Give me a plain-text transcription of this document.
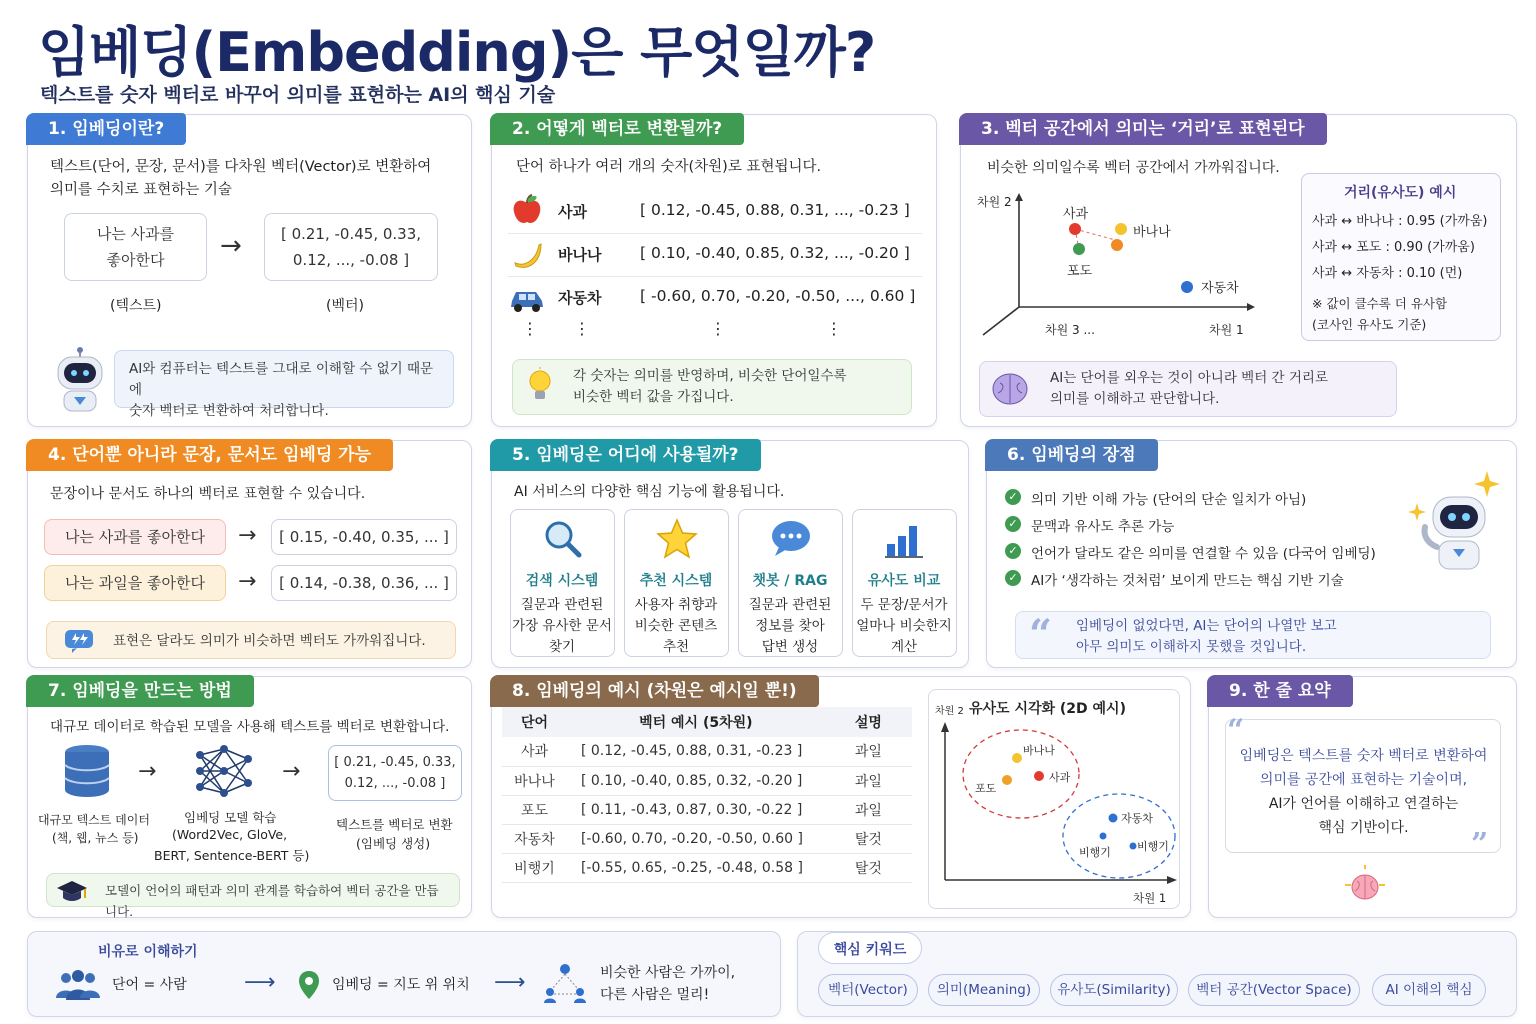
임베딩(Embedding)은 무엇일까?
텍스트를 숫자 벡터로 바꾸어 의미를 표현하는 AI의 핵심 기술
1. 임베딩이란?
텍스트(단어, 문장, 문서)를 다차원 벡터(Vector)로 변환하여
의미를 수치로 표현하는 기술
나는 사과를
좋아한다 →	[ 0.21, -0.45, 0.33,
0.12, ..., -0.08 ]
(텍스트)	(벡터)
AI와 컴퓨터는 텍스트를 그대로 이해할 수 없기 때문에
숫자 벡터로 변환하여 처리합니다.
2. 어떻게 벡터로 변환될까?
단어 하나가 여러 개의 숫자(차원)로 표현됩니다.
사과	[ 0.12, -0.45, 0.88, 0.31, ..., -0.23 ]
바나나 [ 0.10, -0.40, 0.85, 0.32, ..., -0.20 ]
자동차 [ -0.60, 0.70, -0.20, -0.50, ..., 0.60 ]
⋮ ⋮	⋮	⋮
각 숫자는 의미를 반영하며, 비슷한 단어일수록
비슷한 벡터 값을 가집니다.
3. 벡터 공간에서 의미는 ‘거리’로 표현된다
비슷한 의미일수록 벡터 공간에서 가까워집니다.
차원 2
차원 1
차원 3 ...
사과
바나나
포도
자동차
거리(유사도) 예시
사과 ↔ 바나나 : 0.95 (가까움)
사과 ↔ 포도 : 0.90 (가까움)
사과 ↔ 자동차 : 0.10 (먼)
※ 값이 클수록 더 유사함
(코사인 유사도 기준)
AI는 단어를 외우는 것이 아니라 벡터 간 거리로
의미를 이해하고 판단합니다.
4. 단어뿐 아니라 문장, 문서도 임베딩 가능
문장이나 문서도 하나의 벡터로 표현할 수 있습니다.
나는 사과를 좋아한다	→	[ 0.15, -0.40, 0.35, ... ]
나는 과일을 좋아한다	→	[ 0.14, -0.38, 0.36, ... ]
표현은 달라도 의미가 비슷하면 벡터도 가까워집니다.
5. 임베딩은 어디에 사용될까?
AI 서비스의 다양한 핵심 기능에 활용됩니다.
검색 시스템
질문과 관련된
가장 유사한 문서
찾기
추천 시스템
사용자 취향과
비슷한 콘텐츠
추천
챗봇 / RAG
질문과 관련된
정보를 찾아
답변 생성
유사도 비교
두 문장/문서가
얼마나 비슷한지
계산
6. 임베딩의 장점
✓ 의미 기반 이해 가능 (단어의 단순 일치가 아님)
✓ 문맥과 유사도 추론 가능
✓ 언어가 달라도 같은 의미를 연결할 수 있음 (다국어 임베딩)
✓ AI가 ‘생각하는 것처럼’ 보이게 만드는 핵심 기반 기술
임베딩이 없었다면, AI는 단어의 나열만 보고
아무 의미도 이해하지 못했을 것입니다.
“
7. 임베딩을 만드는 방법
대규모 데이터로 학습된 모델을 사용해 텍스트를 벡터로 변환합니다.
→	→	[ 0.21, -0.45, 0.33,
0.12, ..., -0.08 ]
대규모 텍스트 데이터
(책, 웹, 뉴스 등)
임베딩 모델 학습
(Word2Vec, GloVe,
BERT, Sentence-BERT 등)
텍스트를 벡터로 변환
(임베딩 생성)
모델이 언어의 패턴과 의미 관계를 학습하여 벡터 공간을 만듭니다.
8. 임베딩의 예시 (차원은 예시일 뿐!)
단어	벡터 예시 (5차원)	설명
사과	[ 0.12, -0.45, 0.88, 0.31, -0.23 ]	과일
바나나	[ 0.10, -0.40, 0.85, 0.32, -0.20 ]	과일
포도	[ 0.11, -0.43, 0.87, 0.30, -0.22 ]	과일
자동차	[-0.60, 0.70, -0.20, -0.50, 0.60 ]	탈것
비행기	[-0.55, 0.65, -0.25, -0.48, 0.58 ]	탈것
차원 2 유사도 시각화 (2D 예시)
바나나
사과
포도
자동차
비행기 비행기
차원 1
9. 한 줄 요약
“
임베딩은 텍스트를 숫자 벡터로 변환하여
의미를 공간에 표현하는 기술이며,
AI가 언어를 이해하고 연결하는
핵심 기반이다.	”
비유로 이해하기
단어 = 사람	⟶	임베딩 = 지도 위 위치 ⟶	비슷한 사람은 가까이,
다른 사람은 멀리!
핵심 키워드
벡터(Vector)	의미(Meaning)	유사도(Similarity)	벡터 공간(Vector Space)	AI 이해의 핵심
